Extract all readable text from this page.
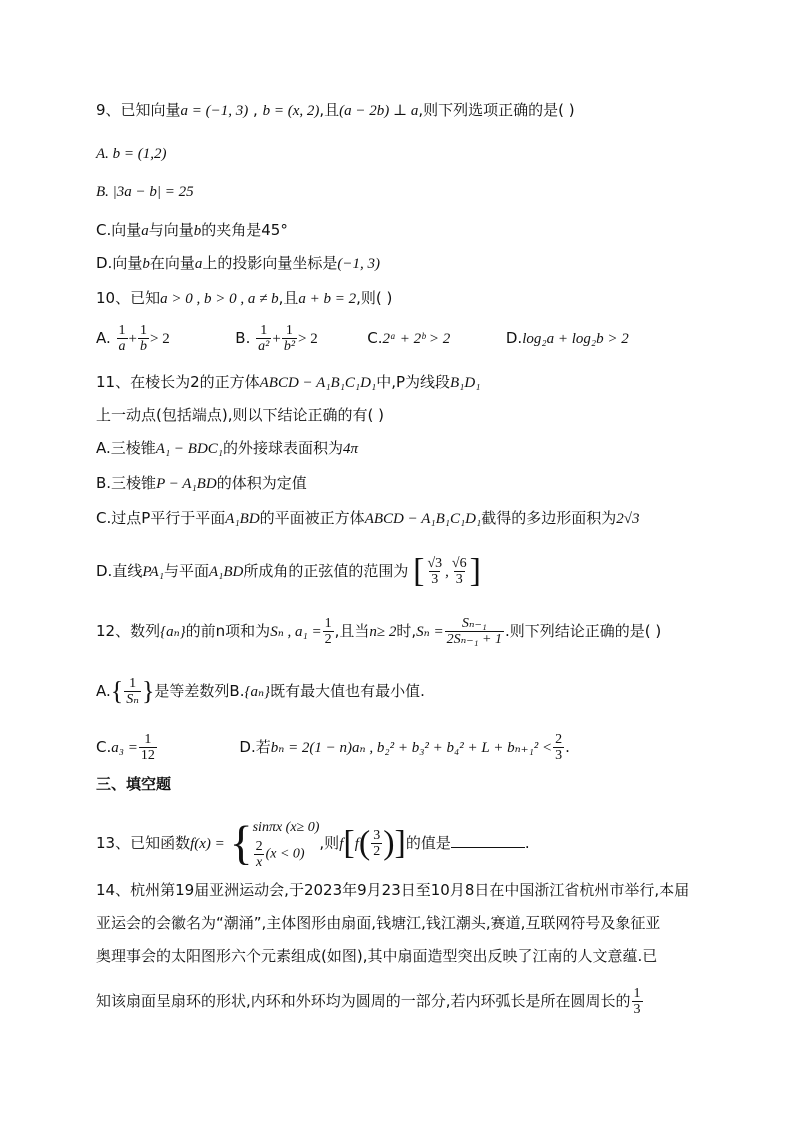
9、已知向量a = (−1, 3) , b = (x, 2),且(a − 2b) ⊥ a,则下列选项正确的是( )
A. b = (1,2)
B. |3a − b| = 25
C.向量a与向量b的夹角是45°
D.向量b在向量a上的投影向量坐标是(−1, 3)
10、已知a > 0 , b > 0 , a ≠ b,且a + b = 2,则( )
A. $\frac{1}{a} + \frac{1}{b} > 2$	B. $\frac{1}{\text{a²}} + \frac{1}{\text{b²}} > 2$	C.2ᵃ + 2ᵇ > 2	D.log₂a + log₂b > 2
11、在棱长为2的正方体ABCD − A₁B₁C₁D₁中,P为线段B₁D₁
上一动点(包括端点),则以下结论正确的有( )
A.三棱锥A₁ − BDC₁的外接球表面积为4π
B.三棱锥P − A₁BD的体积为定值
C.过点P平行于平面A₁BD的平面被正方体ABCD − A₁B₁C₁D₁截得的多边形面积为2√3
D.直线PA₁与平面A₁BD所成角的正弦值的范围为 [ $\frac{√3}{3}$ , $\frac{√6}{3}$ ]
12、数列{aₙ}的前n项和为Sₙ , $a_1 = \frac{1}{2}$ ,且当n≥ 2时$,S_n = \frac{\text{Sₙ₋₁}}{\text{2Sₙ₋₁ + 1}}$ .则下列结论正确的是( )
$A.\{ \frac{1}{\text{Sₙ}}$ }是等差数列B.{aₙ}既有最大值也有最小值.
$C.a_3 = \frac{1}{12}$	D.若bₙ = 2(1 − n)aₙ , $b_2^2 + b_3^2 + b_4^2 + L + b_{n+1}^2 < \frac{2}{3}$ .
三、填空题
13、已知函数f(x) = { sinπx (x≥ 0)
$\frac{2}{x} (x < 0)$
,则$f[f( \frac{3}{2}$ )]的值是	.
14、杭州第19届亚洲运动会,于2023年9月23日至10月8日在中国浙江省杭州市举行,本届
亚运会的会徽名为“潮涌”,主体图形由扇面,钱塘江,钱江潮头,赛道,互联网符号及象征亚
奥理事会的太阳图形六个元素组成(如图),其中扇面造型突出反映了江南的人文意蕴.已
知该扇面呈扇环的形状,内环和外环均为圆周的一部分,若内环弧长是所在圆周长的 $\frac{1}{3}$
